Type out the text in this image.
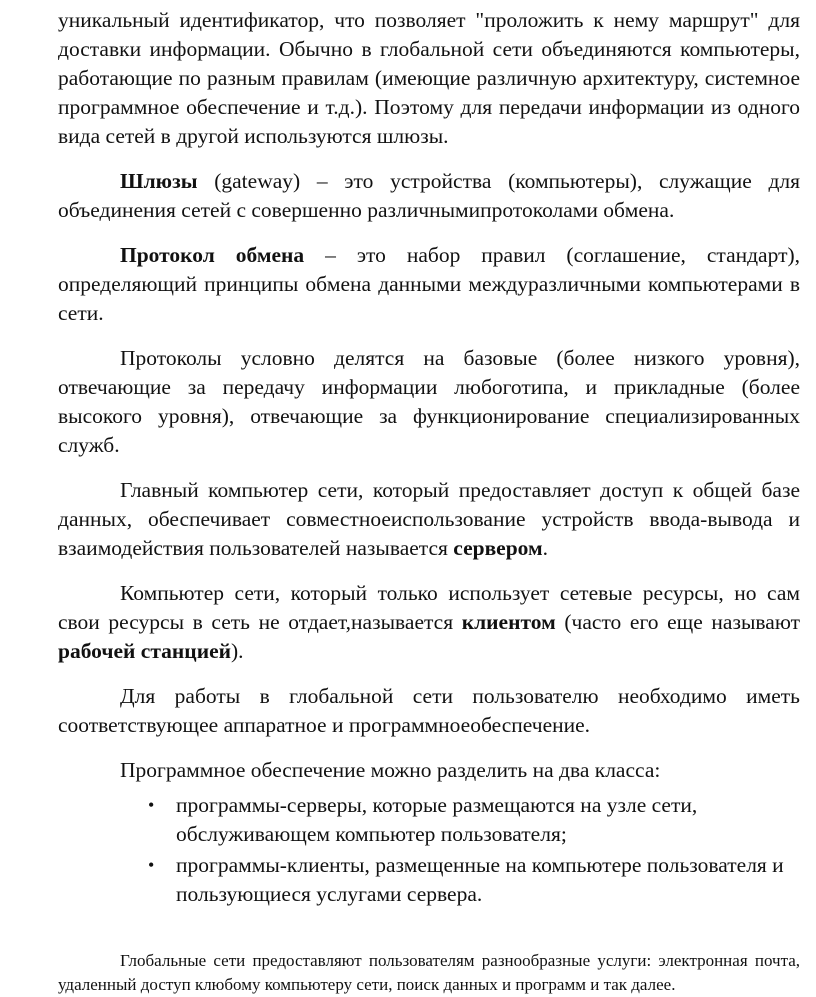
уникальный идентификатор, что позволяет "проложить к нему маршрут" для доставки информации. Обычно в глобальной сети объединяются компьютеры, работающие по разным правилам (имеющие различную архитектуру, системное программное обеспечение и т.д.). Поэтому для передачи информации из одного вида сетей в другой используются шлюзы.

Шлюзы (gateway) – это устройства (компьютеры), служащие для объединения сетей с совершенно различнымипротоколами обмена.

Протокол обмена – это набор правил (соглашение, стандарт), определяющий принципы обмена данными междуразличными компьютерами в сети.

Протоколы условно делятся на базовые (более низкого уровня), отвечающие за передачу информации любоготипа, и прикладные (более высокого уровня), отвечающие за функционирование специализированных служб.

Главный компьютер сети, который предоставляет доступ к общей базе данных, обеспечивает совместноеиспользование устройств ввода-вывода и взаимодействия пользователей называется сервером.

Компьютер сети, который только использует сетевые ресурсы, но сам свои ресурсы в сеть не отдает,называется клиентом (часто его еще называют рабочей станцией).

Для работы в глобальной сети пользователю необходимо иметь соответствующее аппаратное и программноеобеспечение.

Программное обеспечение можно разделить на два класса:

• программы-серверы, которые размещаются на узле сети, обслуживающем компьютер пользователя;
• программы-клиенты, размещенные на компьютере пользователя и пользующиеся услугами сервера.

Глобальные сети предоставляют пользователям разнообразные услуги: электронная почта, удаленный доступ клюбому компьютеру сети, поиск данных и программ и так далее.
